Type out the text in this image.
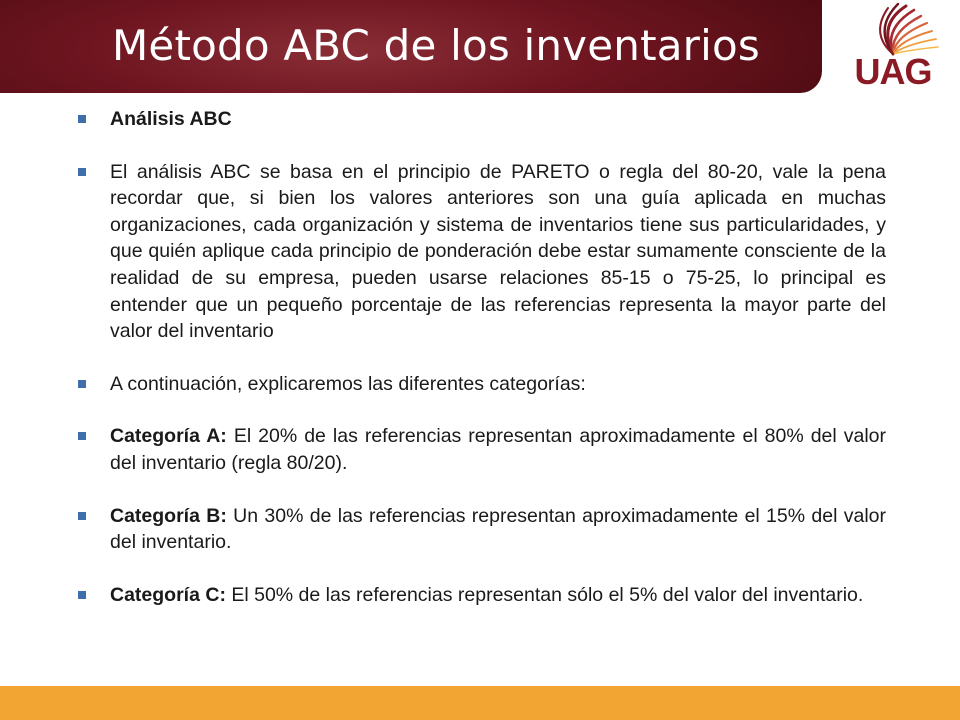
Método ABC de los inventarios
UAG
Análisis ABC
El análisis ABC se basa en el principio de PARETO o regla del 80-20, vale la pena recordar que, si bien los valores anteriores son una guía aplicada en muchas organizaciones, cada organización y sistema de inventarios tiene sus particularidades, y que quién aplique cada principio de ponderación debe estar sumamente consciente de la realidad de su empresa, pueden usarse relaciones 85-15 o 75-25, lo principal es entender que un pequeño porcentaje de las referencias representa la mayor parte del valor del inventario
A continuación, explicaremos las diferentes categorías:
Categoría A: El 20% de las referencias representan aproximadamente el 80% del valor del inventario (regla 80/20).
Categoría B: Un 30% de las referencias representan aproximadamente el 15% del valor del inventario.
Categoría C: El 50% de las referencias representan sólo el 5% del valor del inventario.
